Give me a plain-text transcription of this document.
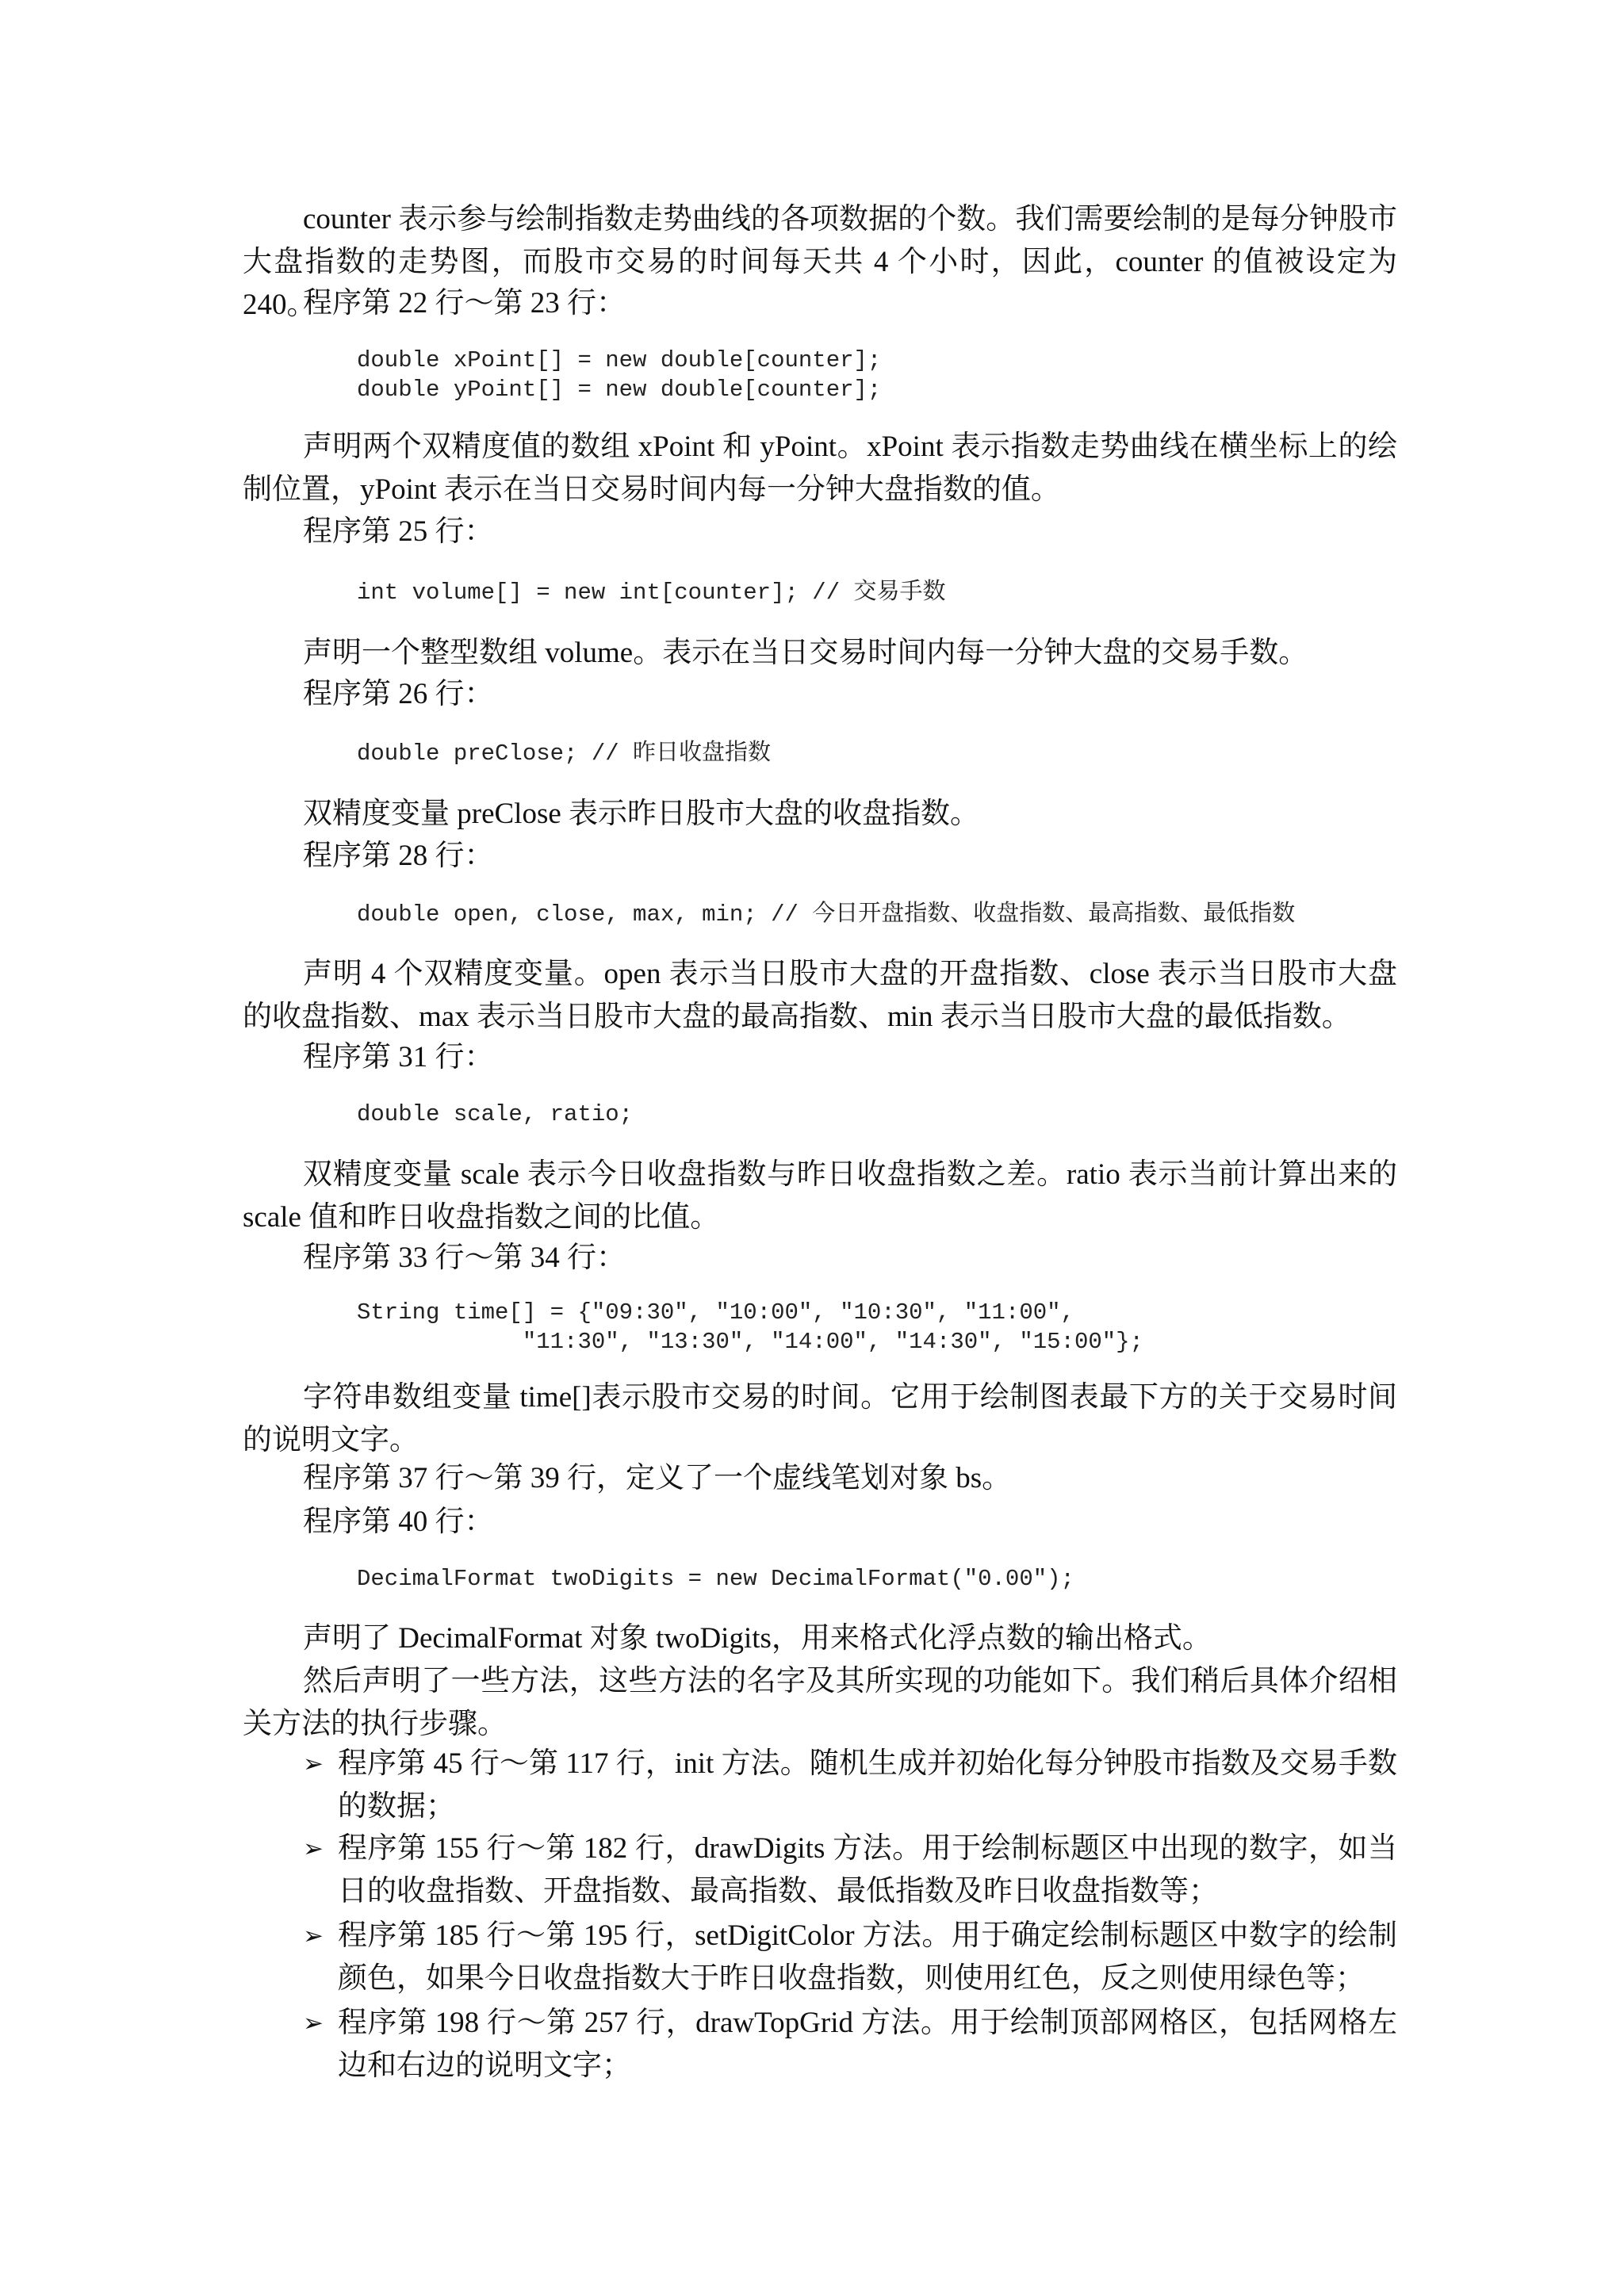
counter 表示参与绘制指数走势曲线的各项数据的个数。我们需要绘制的是每分钟股市大盘指数的走势图，而股市交易的时间每天共 4 个小时，因此，counter 的值被设定为 240。

程序第 22 行～第 23 行：

double xPoint[] = new double[counter];
double yPoint[] = new double[counter];

声明两个双精度值的数组 xPoint 和 yPoint。xPoint 表示指数走势曲线在横坐标上的绘制位置，yPoint 表示在当日交易时间内每一分钟大盘指数的值。

程序第 25 行：

int volume[] = new int[counter]; // 交易手数

声明一个整型数组 volume。表示在当日交易时间内每一分钟大盘的交易手数。

程序第 26 行：

double preClose; // 昨日收盘指数

双精度变量 preClose 表示昨日股市大盘的收盘指数。

程序第 28 行：

double open, close, max, min; // 今日开盘指数、收盘指数、最高指数、最低指数

声明 4 个双精度变量。open 表示当日股市大盘的开盘指数、close 表示当日股市大盘的收盘指数、max 表示当日股市大盘的最高指数、min 表示当日股市大盘的最低指数。

程序第 31 行：

double scale, ratio;

双精度变量 scale 表示今日收盘指数与昨日收盘指数之差。ratio 表示当前计算出来的 scale 值和昨日收盘指数之间的比值。

程序第 33 行～第 34 行：

String time[] = {"09:30", "10:00", "10:30", "11:00",
"11:30", "13:30", "14:00", "14:30", "15:00"};

字符串数组变量 time[]表示股市交易的时间。它用于绘制图表最下方的关于交易时间的说明文字。

程序第 37 行～第 39 行，定义了一个虚线笔划对象 bs。

程序第 40 行：

DecimalFormat twoDigits = new DecimalFormat("0.00");

声明了 DecimalFormat 对象 twoDigits，用来格式化浮点数的输出格式。

然后声明了一些方法，这些方法的名字及其所实现的功能如下。我们稍后具体介绍相关方法的执行步骤。

➢ 程序第 45 行～第 117 行，init 方法。随机生成并初始化每分钟股市指数及交易手数的数据；
➢ 程序第 155 行～第 182 行，drawDigits 方法。用于绘制标题区中出现的数字，如当日的收盘指数、开盘指数、最高指数、最低指数及昨日收盘指数等；
➢ 程序第 185 行～第 195 行，setDigitColor 方法。用于确定绘制标题区中数字的绘制颜色，如果今日收盘指数大于昨日收盘指数，则使用红色，反之则使用绿色等；
➢ 程序第 198 行～第 257 行，drawTopGrid 方法。用于绘制顶部网格区，包括网格左边和右边的说明文字；
